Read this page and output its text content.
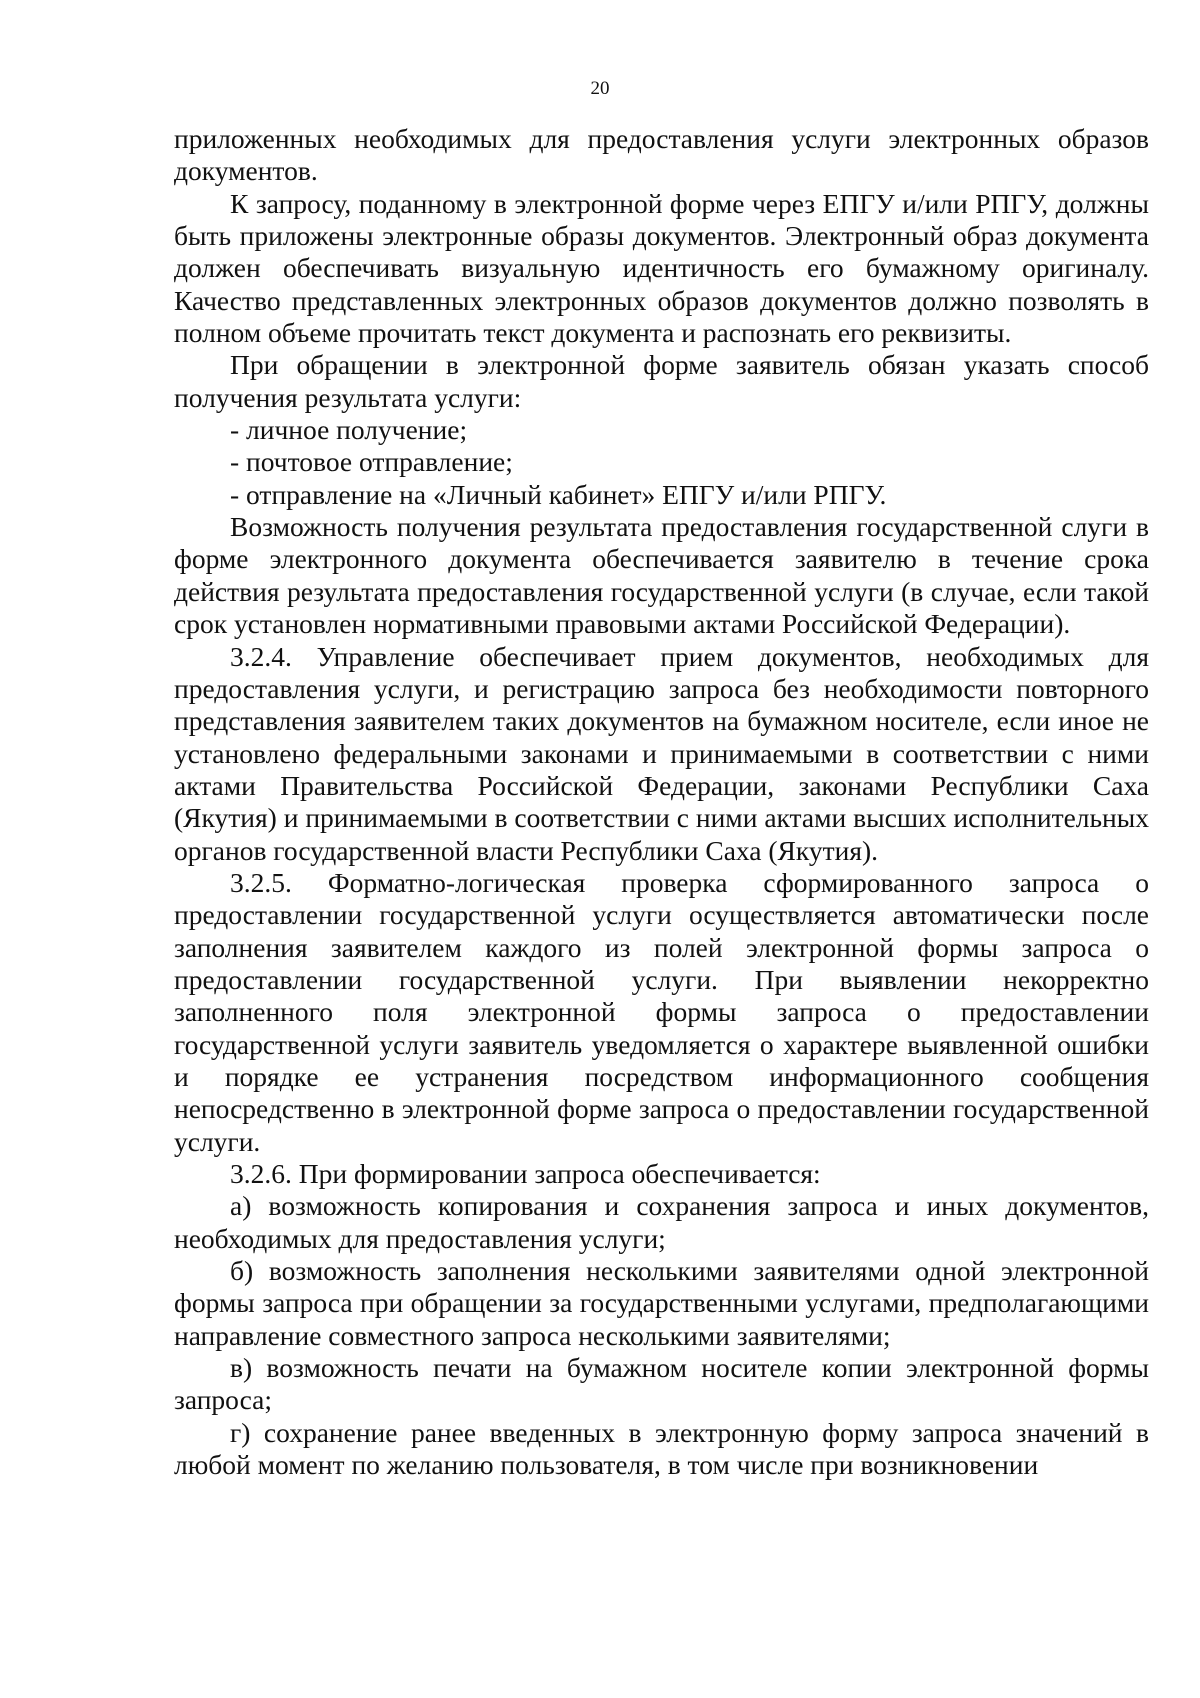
20

приложенных необходимых для предоставления услуги электронных образов документов.

К запросу, поданному в электронной форме через ЕПГУ и/или РПГУ, должны быть приложены электронные образы документов. Электронный образ документа должен обеспечивать визуальную идентичность его бумажному оригиналу. Качество представленных электронных образов документов должно позволять в полном объеме прочитать текст документа и распознать его реквизиты.

При обращении в электронной форме заявитель обязан указать способ получения результата услуги:

- личное получение;

- почтовое отправление;

- отправление на «Личный кабинет» ЕПГУ и/или РПГУ.

Возможность получения результата предоставления государственной слуги в форме электронного документа обеспечивается заявителю в течение срока действия результата предоставления государственной услуги (в случае, если такой срок установлен нормативными правовыми актами Российской Федерации).

3.2.4. Управление обеспечивает прием документов, необходимых для предоставления услуги, и регистрацию запроса без необходимости повторного представления заявителем таких документов на бумажном носителе, если иное не установлено федеральными законами и принимаемыми в соответствии с ними актами Правительства Российской Федерации, законами Республики Саха (Якутия) и принимаемыми в соответствии с ними актами высших исполнительных органов государственной власти Республики Саха (Якутия).

3.2.5. Форматно-логическая проверка сформированного запроса о предоставлении государственной услуги осуществляется автоматически после заполнения заявителем каждого из полей электронной формы запроса о предоставлении государственной услуги. При выявлении некорректно заполненного поля электронной формы запроса о предоставлении государственной услуги заявитель уведомляется о характере выявленной ошибки и порядке ее устранения посредством информационного сообщения непосредственно в электронной форме запроса о предоставлении государственной услуги.

3.2.6. При формировании запроса обеспечивается:

а) возможность копирования и сохранения запроса и иных документов, необходимых для предоставления услуги;

б) возможность заполнения несколькими заявителями одной электронной формы запроса при обращении за государственными услугами, предполагающими направление совместного запроса несколькими заявителями;

в) возможность печати на бумажном носителе копии электронной формы запроса;

г) сохранение ранее введенных в электронную форму запроса значений в любой момент по желанию пользователя, в том числе при возникновении
